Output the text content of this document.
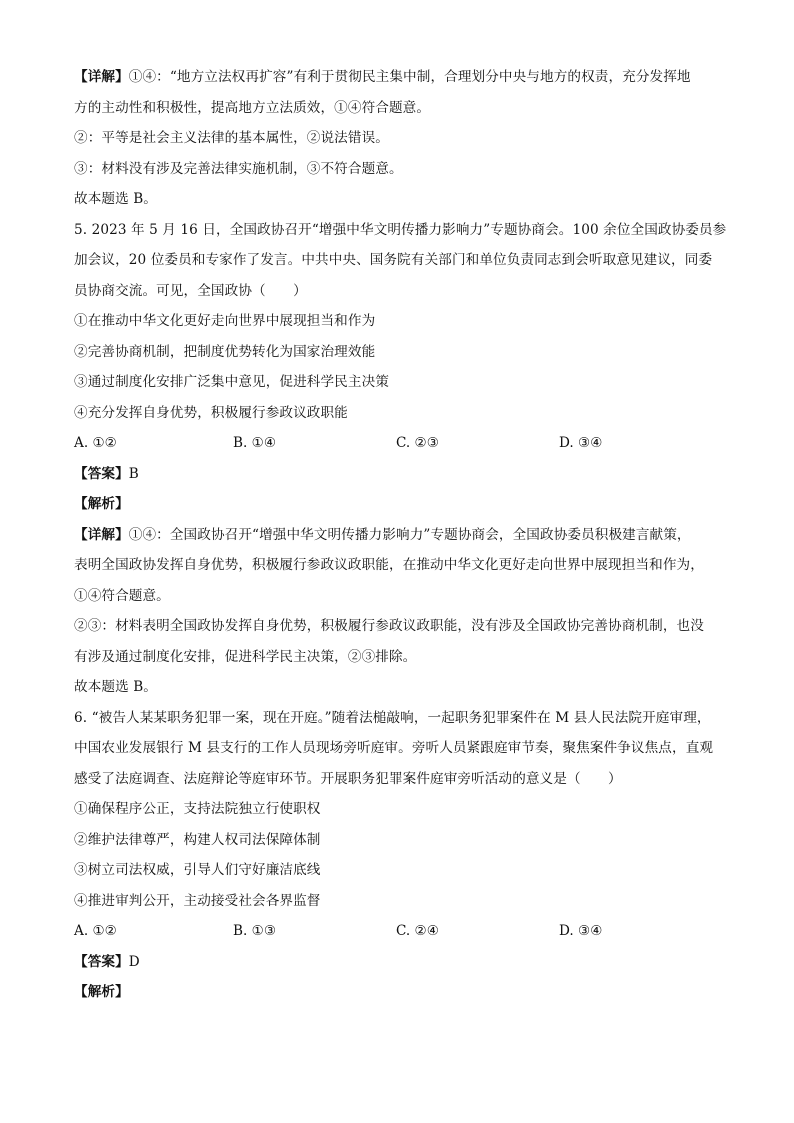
【详解】①④：“地方立法权再扩容”有利于贯彻民主集中制，合理划分中央与地方的权责，充分发挥地
方的主动性和积极性，提高地方立法质效，①④符合题意。
②：平等是社会主义法律的基本属性，②说法错误。
③：材料没有涉及完善法律实施机制，③不符合题意。
故本题选 B。
5. 2023 年 5 月 16 日，全国政协召开“增强中华文明传播力影响力”专题协商会。100 余位全国政协委员参
加会议，20 位委员和专家作了发言。中共中央、国务院有关部门和单位负责同志到会听取意见建议，同委
员协商交流。可见，全国政协（　　）
①在推动中华文化更好走向世界中展现担当和作为
②完善协商机制，把制度优势转化为国家治理效能
③通过制度化安排广泛集中意见，促进科学民主决策
④充分发挥自身优势，积极履行参政议政职能
A. ①②	B. ①④	C. ②③	D. ③④
【答案】B
【解析】
【详解】①④：全国政协召开“增强中华文明传播力影响力”专题协商会，全国政协委员积极建言献策，
表明全国政协发挥自身优势，积极履行参政议政职能，在推动中华文化更好走向世界中展现担当和作为，
①④符合题意。
②③：材料表明全国政协发挥自身优势，积极履行参政议政职能，没有涉及全国政协完善协商机制，也没
有涉及通过制度化安排，促进科学民主决策，②③排除。
故本题选 B。
6. “被告人某某职务犯罪一案，现在开庭。”随着法槌敲响，一起职务犯罪案件在 M 县人民法院开庭审理，
中国农业发展银行 M 县支行的工作人员现场旁听庭审。旁听人员紧跟庭审节奏，聚焦案件争议焦点，直观
感受了法庭调查、法庭辩论等庭审环节。开展职务犯罪案件庭审旁听活动的意义是（　　）
①确保程序公正，支持法院独立行使职权
②维护法律尊严，构建人权司法保障体制
③树立司法权威，引导人们守好廉洁底线
④推进审判公开，主动接受社会各界监督
A. ①②	B. ①③	C. ②④	D. ③④
【答案】D
【解析】
